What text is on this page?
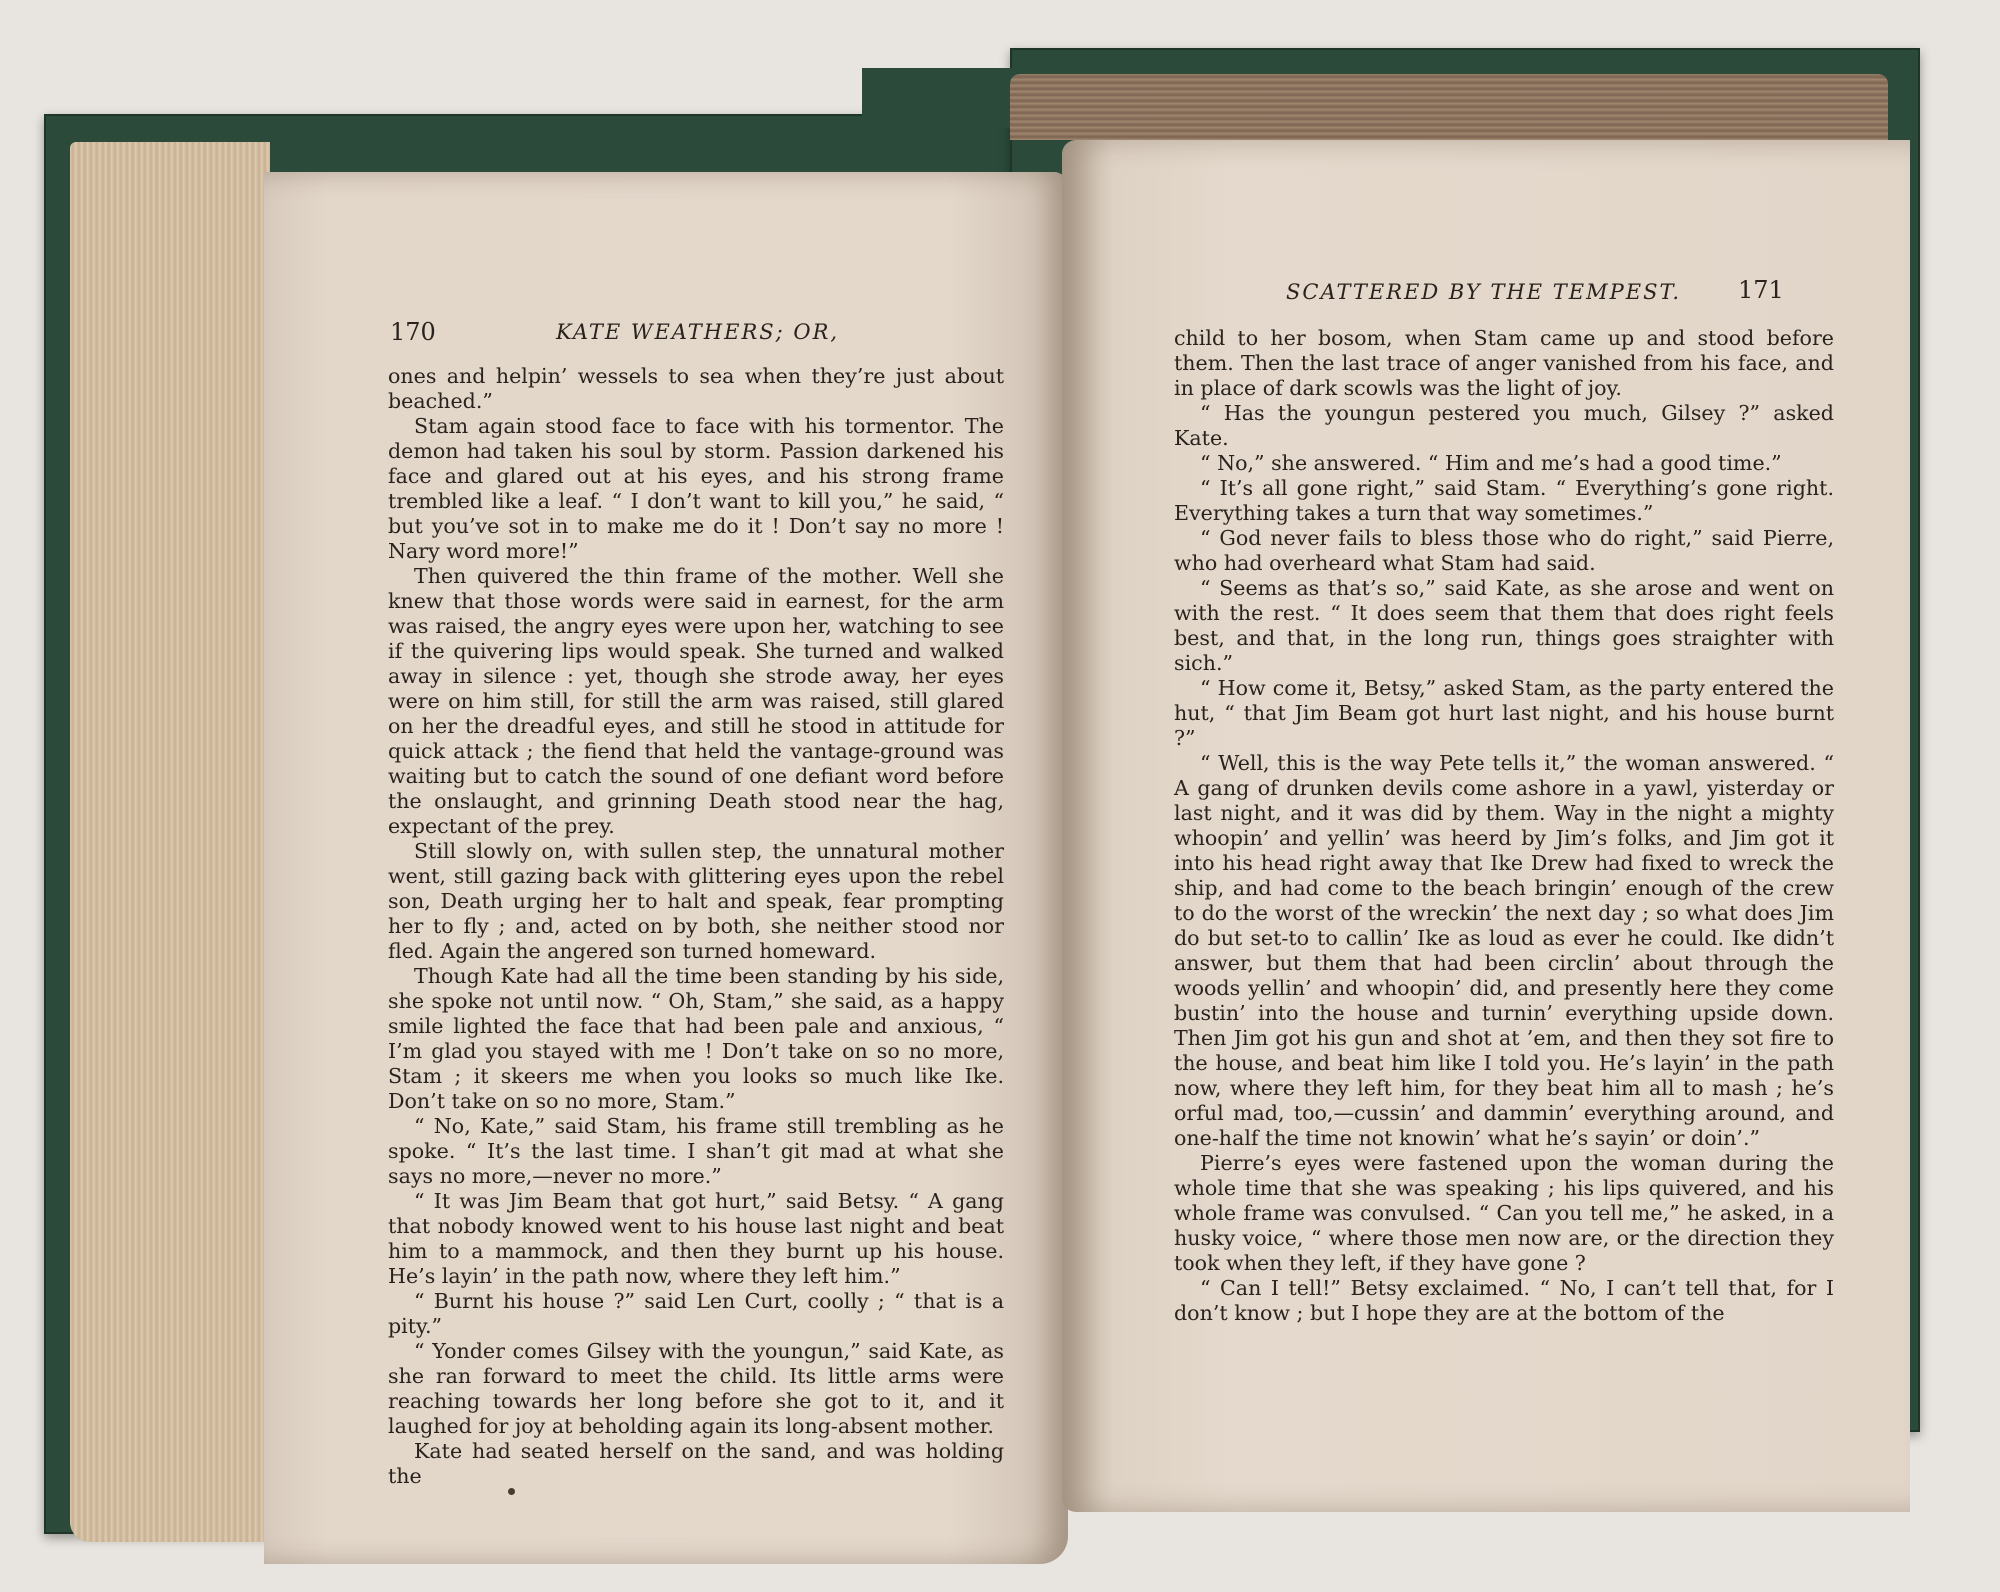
170	KATE WEATHERS; OR,

ones and helpin’ wessels to sea when they’re just about beached.”

Stam again stood face to face with his tormentor. The demon had taken his soul by storm. Passion darkened his face and glared out at his eyes, and his strong frame trembled like a leaf. “ I don’t want to kill you,” he said, “ but you’ve sot in to make me do it ! Don’t say no more ! Nary word more!”

Then quivered the thin frame of the mother. Well she knew that those words were said in earnest, for the arm was raised, the angry eyes were upon her, watching to see if the quivering lips would speak. She turned and walked away in silence : yet, though she strode away, her eyes were on him still, for still the arm was raised, still glared on her the dreadful eyes, and still he stood in attitude for quick attack ; the fiend that held the vantage-ground was waiting but to catch the sound of one defiant word before the onslaught, and grinning Death stood near the hag, expectant of the prey.

Still slowly on, with sullen step, the unnatural mother went, still gazing back with glittering eyes upon the rebel son, Death urging her to halt and speak, fear prompting her to fly ; and, acted on by both, she neither stood nor fled. Again the angered son turned homeward.

Though Kate had all the time been standing by his side, she spoke not until now. “ Oh, Stam,” she said, as a happy smile lighted the face that had been pale and anxious, “ I’m glad you stayed with me ! Don’t take on so no more, Stam ; it skeers me when you looks so much like Ike. Don’t take on so no more, Stam.”

“ No, Kate,” said Stam, his frame still trembling as he spoke. “ It’s the last time. I shan’t git mad at what she says no more,—never no more.”

“ It was Jim Beam that got hurt,” said Betsy. “ A gang that nobody knowed went to his house last night and beat him to a mammock, and then they burnt up his house. He’s layin’ in the path now, where they left him.”

“ Burnt his house ?” said Len Curt, coolly ; “ that is a pity.”

“ Yonder comes Gilsey with the youngun,” said Kate, as she ran forward to meet the child. Its little arms were reaching towards her long before she got to it, and it laughed for joy at beholding again its long-absent mother.

Kate had seated herself on the sand, and was holding the

SCATTERED BY THE TEMPEST. 171

child to her bosom, when Stam came up and stood before them. Then the last trace of anger vanished from his face, and in place of dark scowls was the light of joy.

“ Has the youngun pestered you much, Gilsey ?” asked Kate.

“ No,” she answered. “ Him and me’s had a good time.”

“ It’s all gone right,” said Stam. “ Everything’s gone right. Everything takes a turn that way sometimes.”

“ God never fails to bless those who do right,” said Pierre, who had overheard what Stam had said.

“ Seems as that’s so,” said Kate, as she arose and went on with the rest. “ It does seem that them that does right feels best, and that, in the long run, things goes straighter with sich.”

“ How come it, Betsy,” asked Stam, as the party entered the hut, “ that Jim Beam got hurt last night, and his house burnt ?”

“ Well, this is the way Pete tells it,” the woman answered. “ A gang of drunken devils come ashore in a yawl, yisterday or last night, and it was did by them. Way in the night a mighty whoopin’ and yellin’ was heerd by Jim’s folks, and Jim got it into his head right away that Ike Drew had fixed to wreck the ship, and had come to the beach bringin’ enough of the crew to do the worst of the wreckin’ the next day ; so what does Jim do but set-to to callin’ Ike as loud as ever he could. Ike didn’t answer, but them that had been circlin’ about through the woods yellin’ and whoopin’ did, and presently here they come bustin’ into the house and turnin’ everything upside down. Then Jim got his gun and shot at ’em, and then they sot fire to the house, and beat him like I told you. He’s layin’ in the path now, where they left him, for they beat him all to mash ; he’s orful mad, too,—cussin’ and dammin’ everything around, and one-half the time not knowin’ what he’s sayin’ or doin’.”

Pierre’s eyes were fastened upon the woman during the whole time that she was speaking ; his lips quivered, and his whole frame was convulsed. “ Can you tell me,” he asked, in a husky voice, “ where those men now are, or the direction they took when they left, if they have gone ?

“ Can I tell!” Betsy exclaimed. “ No, I can’t tell that, for I don’t know ; but I hope they are at the bottom of the
